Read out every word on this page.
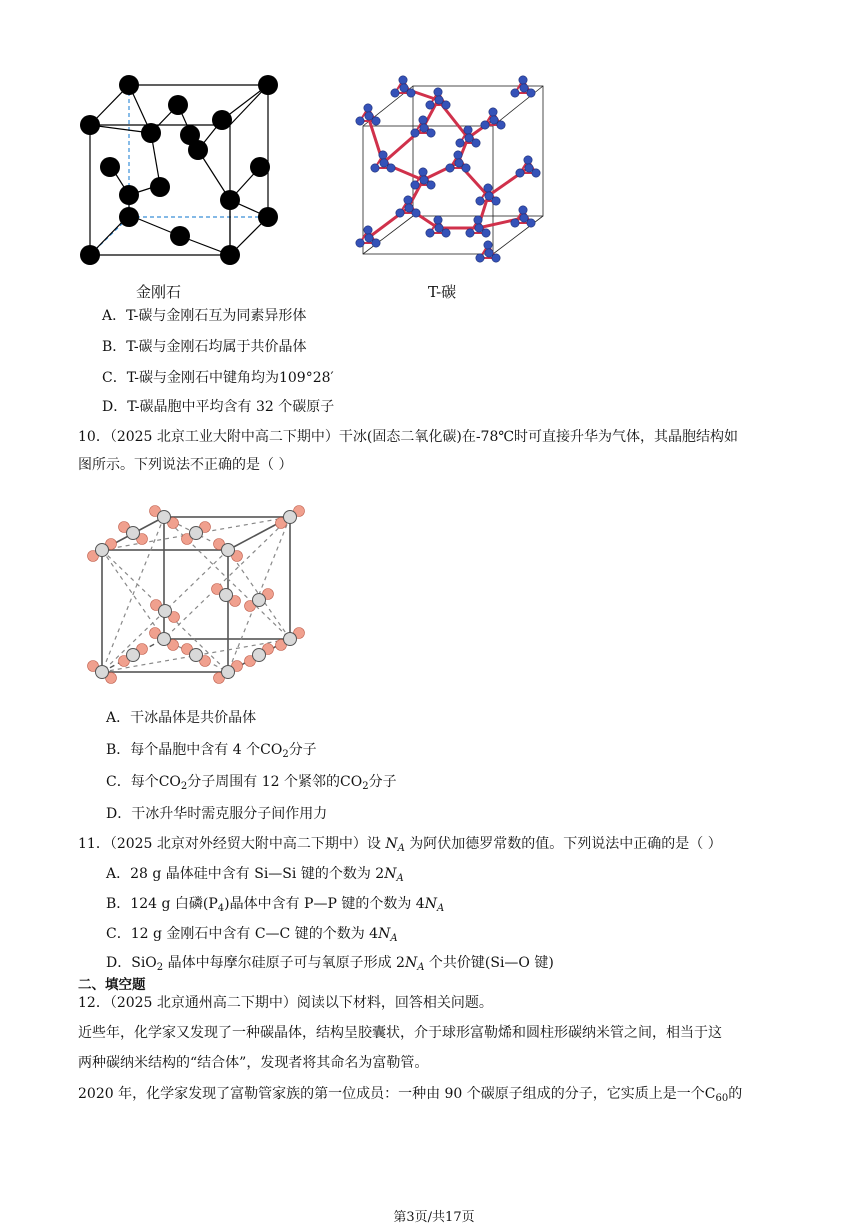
金刚石	T-碳
A．T-碳与金刚石互为同素异形体
B．T-碳与金刚石均属于共价晶体
C．T-碳与金刚石中键角均为109°28′
D．T-碳晶胞中平均含有 32 个碳原子
10．（2025 北京工业大附中高二下期中）干冰(固态二氧化碳)在-78℃时可直接升华为气体，其晶胞结构如
图所示。下列说法不正确的是（ ）
A．干冰晶体是共价晶体
B．每个晶胞中含有 4 个$CO_2$分子
C．每个$CO_2$分子周围有 12 个紧邻的$CO_2$分子
D．干冰升华时需克服分子间作用力
11．（2025 北京对外经贸大附中高二下期中）设 $N_A$ 为阿伏加德罗常数的值。下列说法中正确的是（ ）
A．28 g 晶体硅中含有 Si—Si 键的个数为 $2N_A$
B．124 g 白磷$(P_4)$晶体中含有 P—P 键的个数为 $4N_A$
C．12 g 金刚石中含有 C—C 键的个数为 $4N_A$
D．SiO$_2$ 晶体中每摩尔硅原子可与氧原子形成 $2N_A$ 个共价键(Si—O 键)
二、填空题
12．（2025 北京通州高二下期中）阅读以下材料，回答相关问题。
近些年，化学家又发现了一种碳晶体，结构呈胶囊状，介于球形富勒烯和圆柱形碳纳米管之间，相当于这
两种碳纳米结构的“结合体”，发现者将其命名为富勒管。
2020 年，化学家发现了富勒管家族的第一位成员：一种由 90 个碳原子组成的分子，它实质上是一个$C_{60}$的
第3页/共17页
